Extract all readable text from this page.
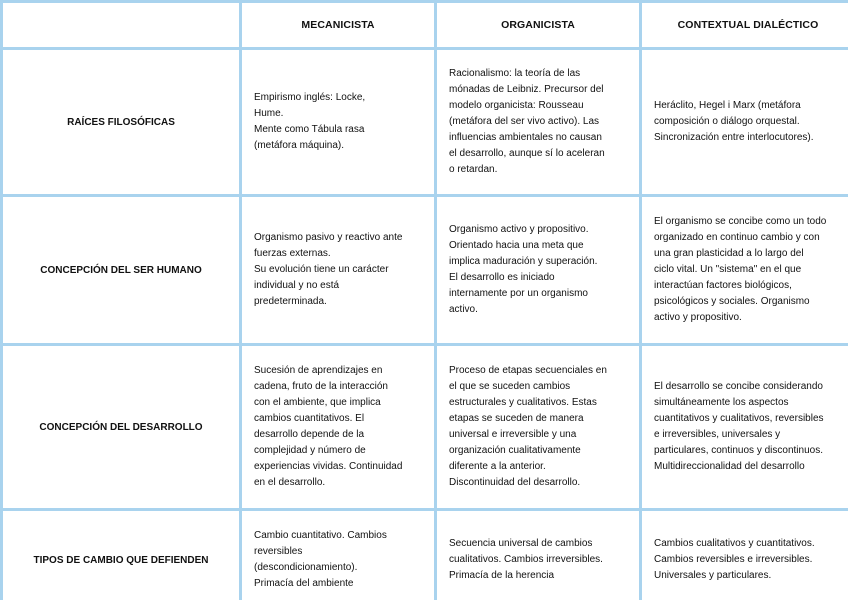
MECANICISTA	ORGANICISTA	CONTEXTUAL DIALÉCTICO
RAÍCES FILOSÓFICAS

Empirismo inglés: Locke,
Hume.
Mente como Tábula rasa
(metáfora máquina).

Racionalismo: la teoría de las
mónadas de Leibniz. Precursor del
modelo organicista: Rousseau
(metáfora del ser vivo activo). Las
influencias ambientales no causan
el desarrollo, aunque sí lo aceleran
o retardan.

Heráclito, Hegel i Marx (metáfora
composición o diálogo orquestal.
Sincronización entre interlocutores).

CONCEPCIÓN DEL SER HUMANO

Organismo pasivo y reactivo ante
fuerzas externas.
Su evolución tiene un carácter
individual y no está
predeterminada.

Organismo activo y propositivo.
Orientado hacia una meta que
implica maduración y superación.
El desarrollo es iniciado
internamente por un organismo
activo.

El organismo se concibe como un todo
organizado en continuo cambio y con
una gran plasticidad a lo largo del
ciclo vital. Un "sistema" en el que
interactúan factores biológicos,
psicológicos y sociales. Organismo
activo y propositivo.

CONCEPCIÓN DEL DESARROLLO

Sucesión de aprendizajes en
cadena, fruto de la interacción
con el ambiente, que implica
cambios cuantitativos. El
desarrollo depende de la
complejidad y número de
experiencias vividas. Continuidad
en el desarrollo.

Proceso de etapas secuenciales en
el que se suceden cambios
estructurales y cualitativos. Estas
etapas se suceden de manera
universal e irreversible y una
organización cualitativamente
diferente a la anterior.
Discontinuidad del desarrollo.

El desarrollo se concibe considerando
simultáneamente los aspectos
cuantitativos y cualitativos, reversibles
e irreversibles, universales y
particulares, continuos y discontinuos.
Multidireccionalidad del desarrollo

TIPOS DE CAMBIO QUE DEFIENDEN

Cambio cuantitativo. Cambios
reversibles
(descondicionamiento).
Primacía del ambiente

Secuencia universal de cambios
cualitativos. Cambios irreversibles.
Primacía de la herencia

Cambios cualitativos y cuantitativos.
Cambios reversibles e irreversibles.
Universales y particulares.
